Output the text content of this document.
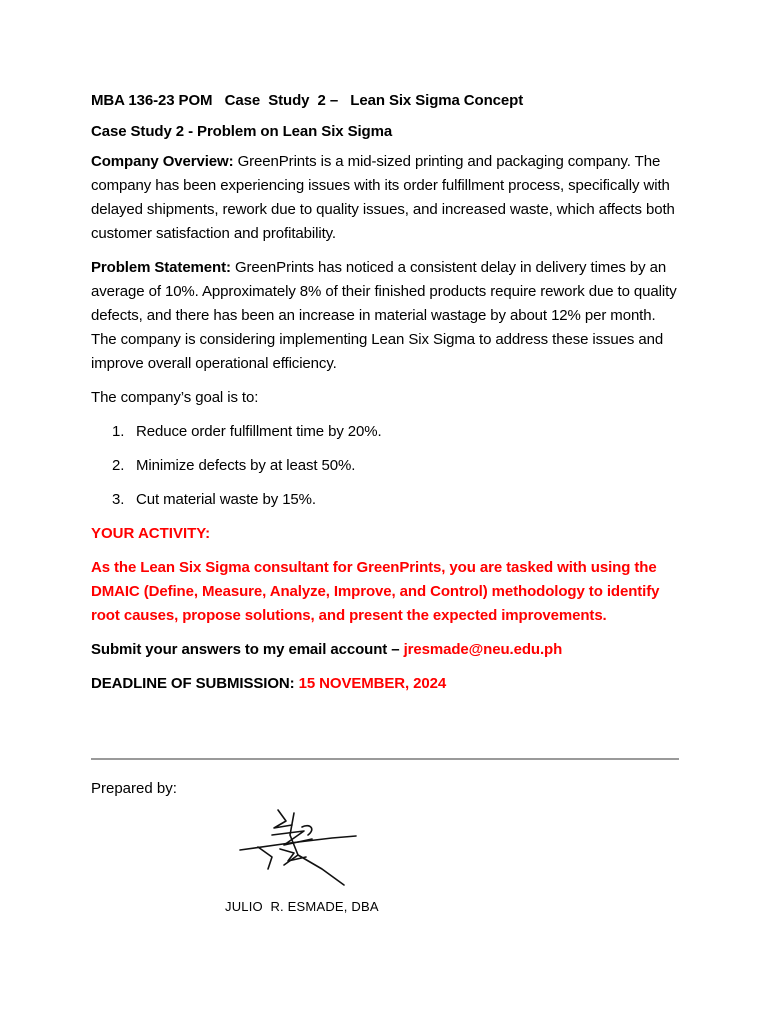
MBA 136-23 POM   Case  Study  2 –   Lean Six Sigma Concept
Case Study 2 - Problem on Lean Six Sigma

Company Overview: GreenPrints is a mid-sized printing and packaging company. The company has been experiencing issues with its order fulfillment process, specifically with delayed shipments, rework due to quality issues, and increased waste, which affects both customer satisfaction and profitability.

Problem Statement: GreenPrints has noticed a consistent delay in delivery times by an average of 10%. Approximately 8% of their finished products require rework due to quality defects, and there has been an increase in material wastage by about 12% per month. The company is considering implementing Lean Six Sigma to address these issues and improve overall operational efficiency.

The company’s goal is to:

1. Reduce order fulfillment time by 20%.
2. Minimize defects by at least 50%.
3. Cut material waste by 15%.
YOUR ACTIVITY:
As the Lean Six Sigma consultant for GreenPrints, you are tasked with using the DMAIC (Define, Measure, Analyze, Improve, and Control) methodology to identify root causes, propose solutions, and present the expected improvements.

Submit your answers to my email account – jresmade@neu.edu.ph

DEADLINE OF SUBMISSION: 15 NOVEMBER, 2024

Prepared by:
JULIO  R. ESMADE, DBA
